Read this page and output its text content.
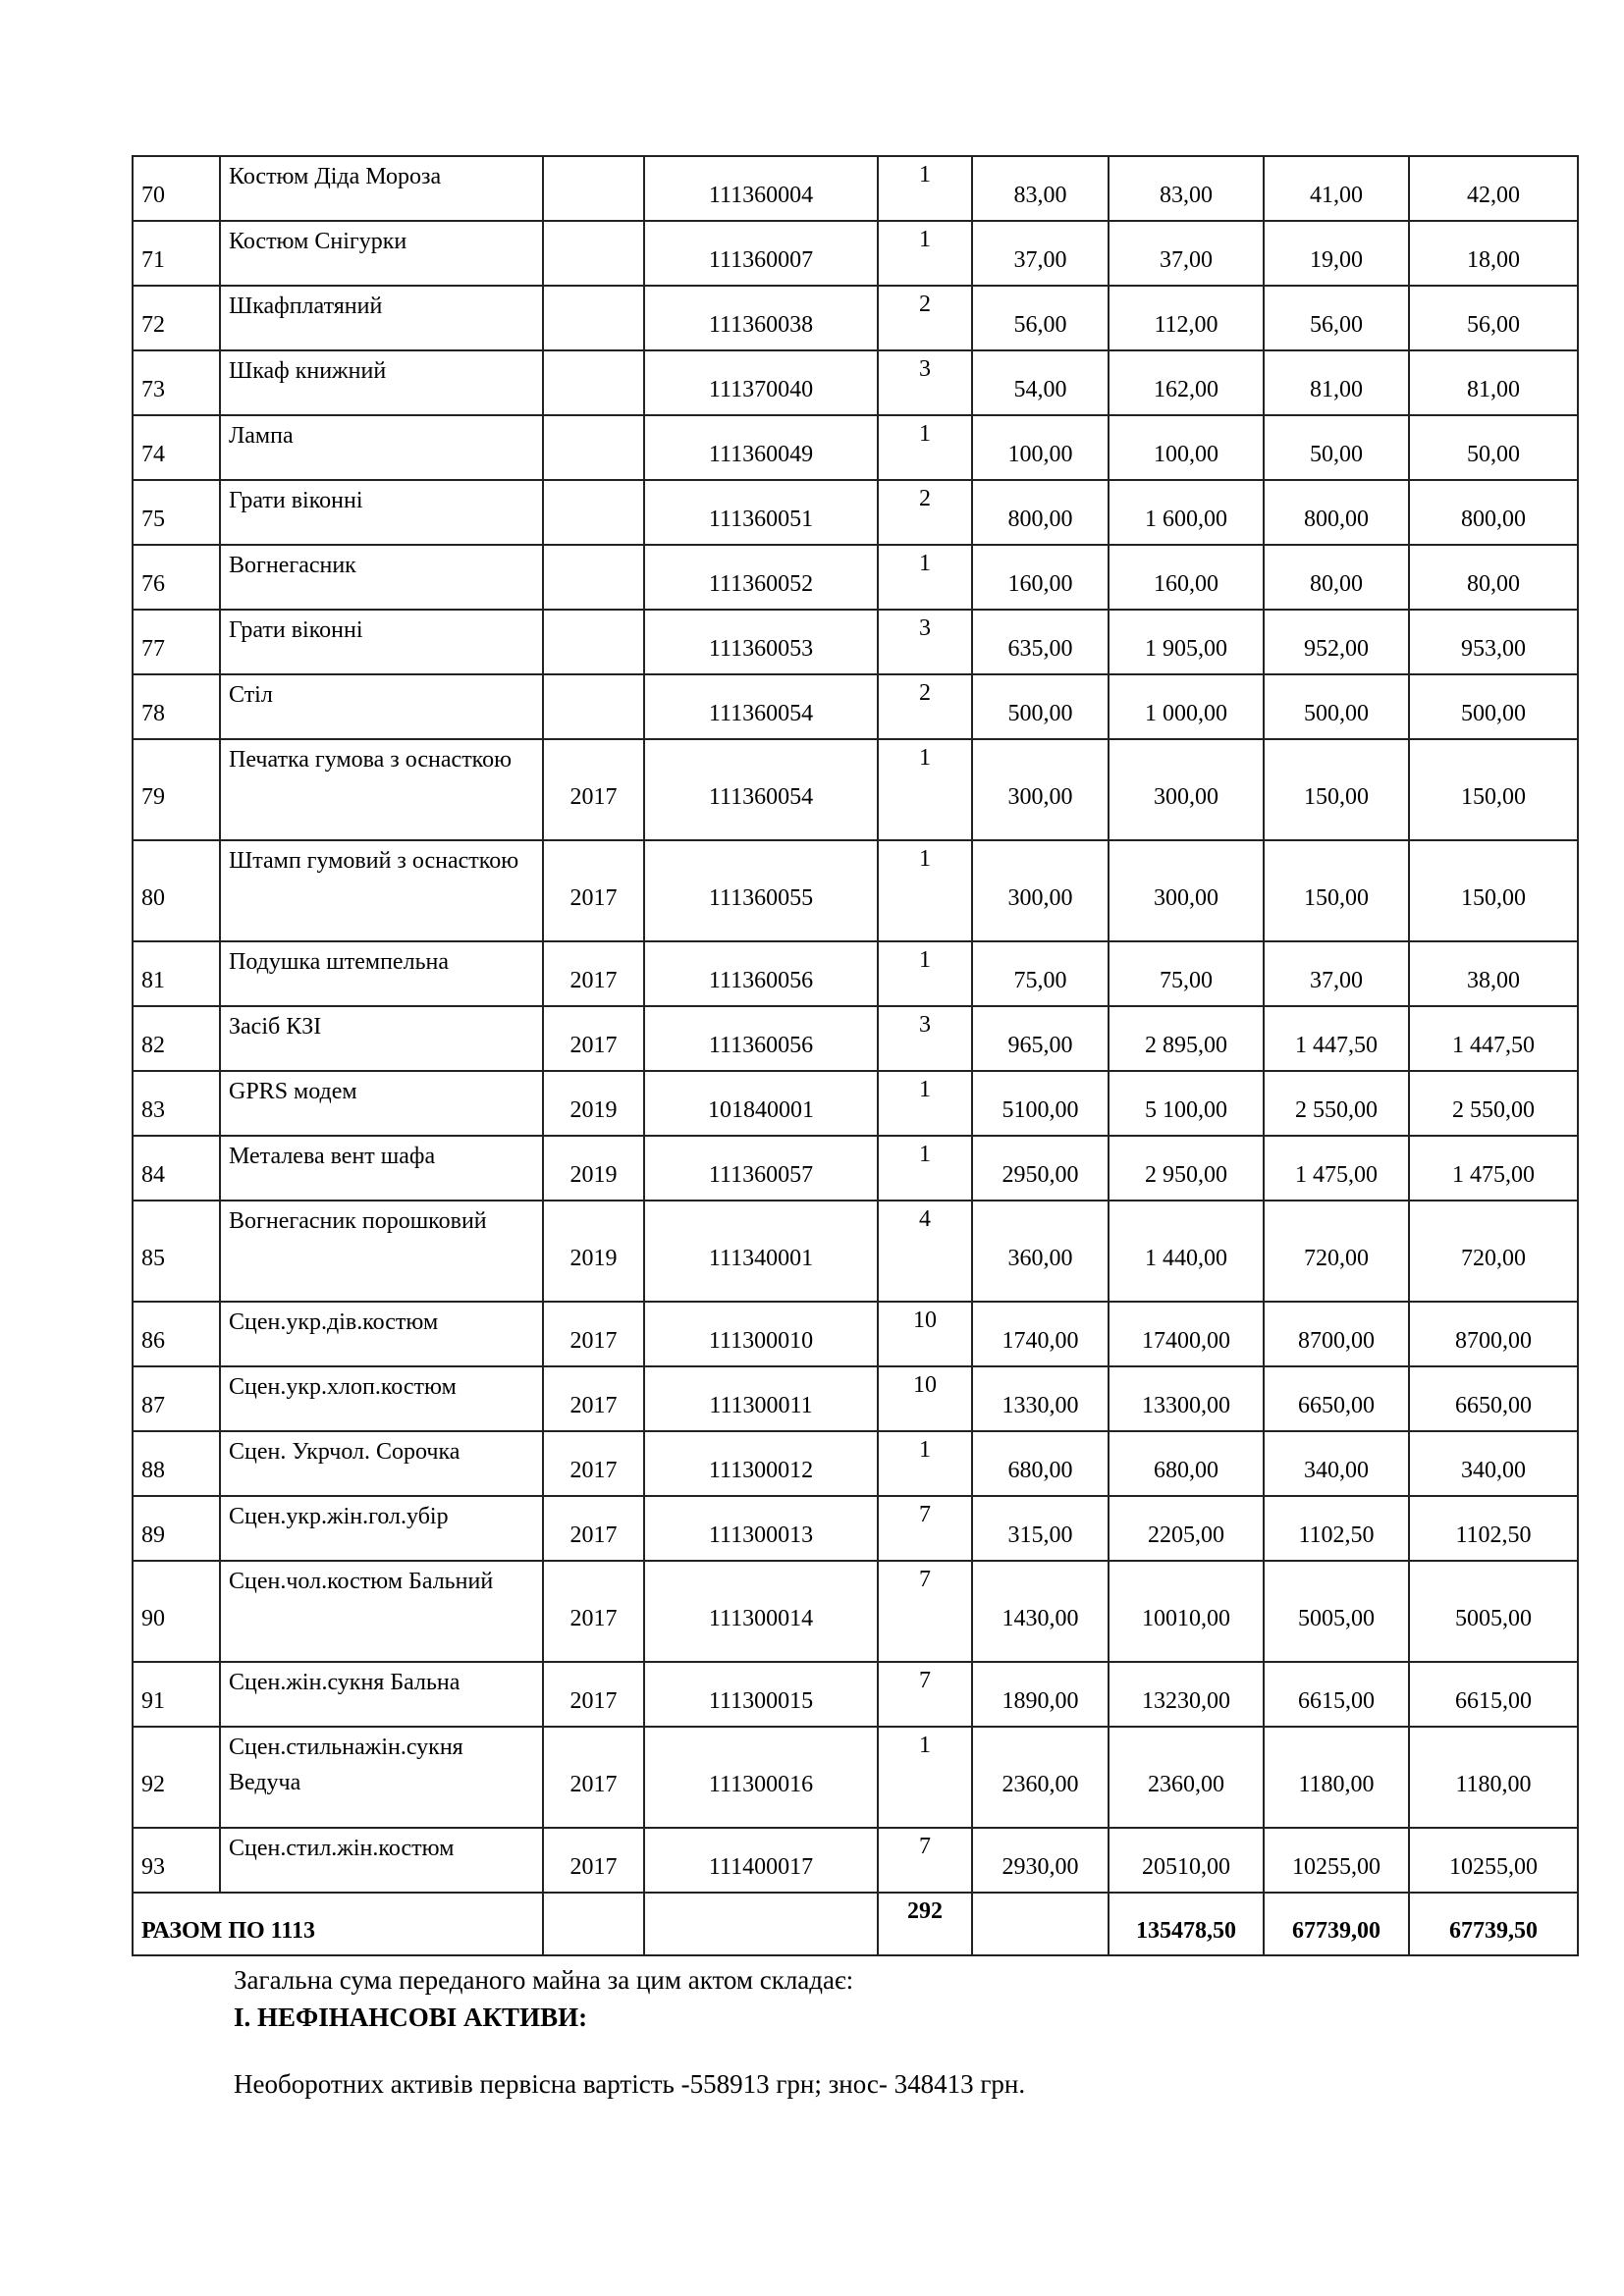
70	Костюм Діда Мороза		111360004	1	83,00	83,00	41,00	42,00
71	Костюм Снігурки		111360007	1	37,00	37,00	19,00	18,00
72	Шкафплатяний		111360038	2	56,00	112,00	56,00	56,00
73	Шкаф книжний		111370040	3	54,00	162,00	81,00	81,00
74	Лампа		111360049	1	100,00	100,00	50,00	50,00
75	Грати віконні		111360051	2	800,00	1 600,00	800,00	800,00
76	Вогнегасник		111360052	1	160,00	160,00	80,00	80,00
77	Грати віконні		111360053	3	635,00	1 905,00	952,00	953,00
78	Стіл		111360054	2	500,00	1 000,00	500,00	500,00
79	Печатка гумова з оснасткою	2017	111360054	1	300,00	300,00	150,00	150,00
80	Штамп гумовий з оснасткою	2017	111360055	1	300,00	300,00	150,00	150,00
81	Подушка штемпельна	2017	111360056	1	75,00	75,00	37,00	38,00
82	Засіб КЗІ	2017	111360056	3	965,00	2 895,00	1 447,50	1 447,50
83	GPRS модем	2019	101840001	1	5100,00	5 100,00	2 550,00	2 550,00
84	Металева вент шафа	2019	111360057	1	2950,00	2 950,00	1 475,00	1 475,00
85	Вогнегасник порошковий	2019	111340001	4	360,00	1 440,00	720,00	720,00
86	Сцен.укр.дів.костюм	2017	111300010	10	1740,00	17400,00	8700,00	8700,00
87	Сцен.укр.хлоп.костюм	2017	111300011	10	1330,00	13300,00	6650,00	6650,00
88	Сцен. Укрчол. Сорочка	2017	111300012	1	680,00	680,00	340,00	340,00
89	Сцен.укр.жін.гол.убір	2017	111300013	7	315,00	2205,00	1102,50	1102,50
90	Сцен.чол.костюм Бальний	2017	111300014	7	1430,00	10010,00	5005,00	5005,00
91	Сцен.жін.сукня Бальна	2017	111300015	7	1890,00	13230,00	6615,00	6615,00
92	Сцен.стильнажін.сукня Ведуча	2017	111300016	1	2360,00	2360,00	1180,00	1180,00
93	Сцен.стил.жін.костюм	2017	111400017	7	2930,00	20510,00	10255,00	10255,00
РАЗОМ ПО 1113				292		135478,50	67739,00	67739,50
Загальна сума переданого майна за цим актом складає:
І. НЕФІНАНСОВІ АКТИВИ:
Необоротних активів первісна вартість -558913 грн; знос- 348413 грн.
